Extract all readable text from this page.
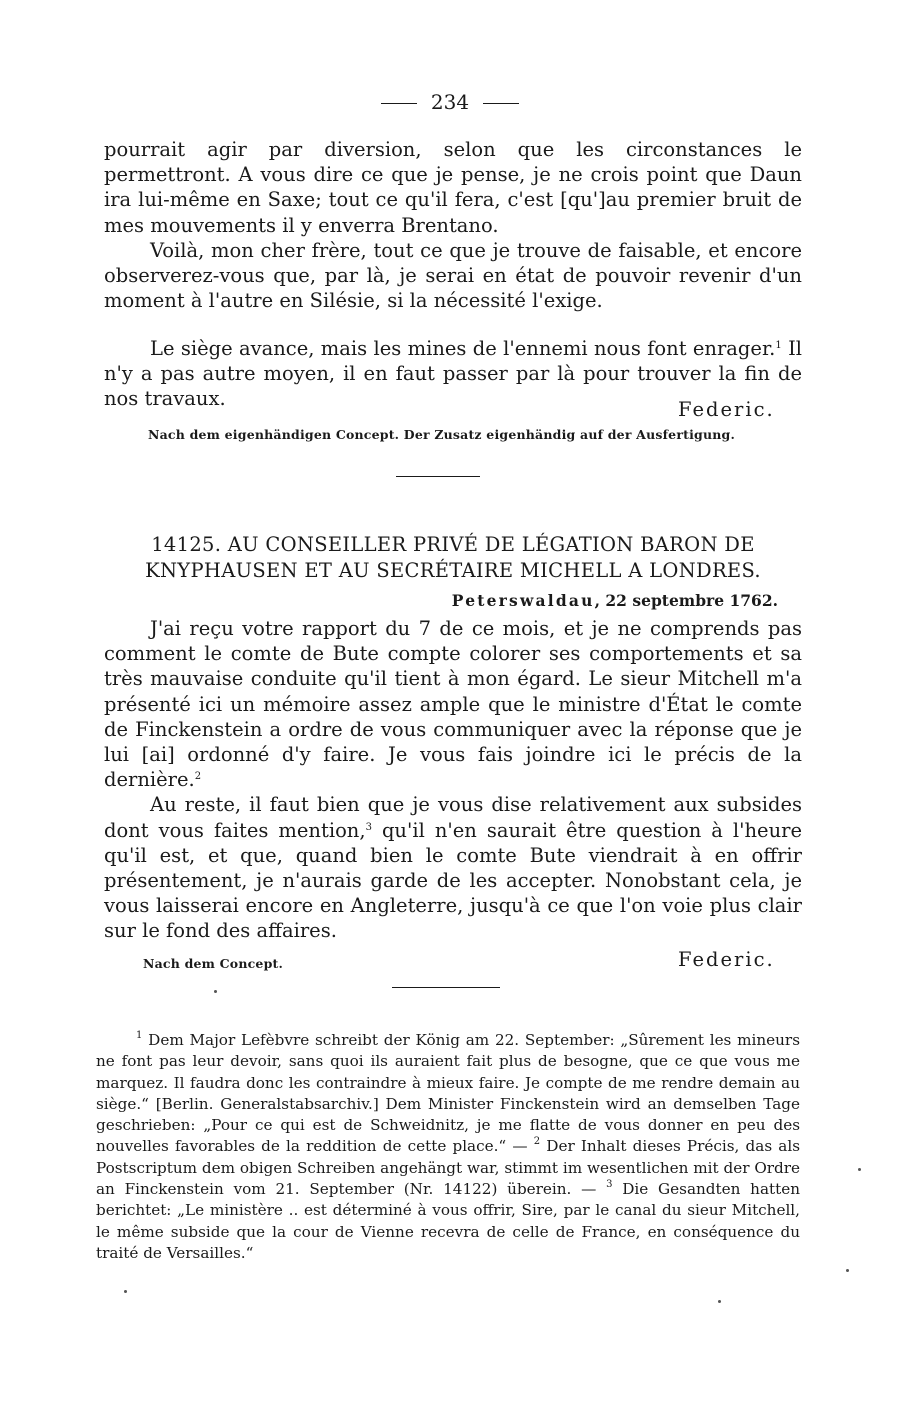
234

pourrait agir par diversion, selon que les circonstances le permettront. A vous dire ce que je pense, je ne crois point que Daun ira lui-même en Saxe; tout ce qu'il fera, c'est [qu']au premier bruit de mes mouvements il y enverra Brentano.

Voilà, mon cher frère, tout ce que je trouve de faisable, et encore observerez-vous que, par là, je serai en état de pouvoir revenir d'un moment à l'autre en Silésie, si la nécessité l'exige.

Le siège avance, mais les mines de l'ennemi nous font enrager.$^1$ Il n'y a pas autre moyen, il en faut passer par là pour trouver la fin de nos travaux.	Federic.
Nach dem eigenhändigen Concept. Der Zusatz eigenhändig auf der Ausfertigung.
14125. AU CONSEILLER PRIVÉ DE LÉGATION BARON DE KNYPHAUSEN ET AU SECRÉTAIRE MICHELL A LONDRES.
Peterswaldau, 22 septembre 1762.

J'ai reçu votre rapport du 7 de ce mois, et je ne comprends pas comment le comte de Bute compte colorer ses comportements et sa très mauvaise conduite qu'il tient à mon égard. Le sieur Mitchell m'a présenté ici un mémoire assez ample que le ministre d'État le comte de Finckenstein a ordre de vous communiquer avec la réponse que je lui [ai] ordonné d'y faire. Je vous fais joindre ici le précis de la dernière.$^2$

Au reste, il faut bien que je vous dise relativement aux subsides dont vous faites mention,$^3$ qu'il n'en saurait être question à l'heure qu'il est, et que, quand bien le comte Bute viendrait à en offrir présentement, je n'aurais garde de les accepter. Nonobstant cela, je vous laisserai encore en Angleterre, jusqu'à ce que l'on voie plus clair sur le fond des affaires.

Nach dem Concept.	Federic.

$^1$ Dem Major Lefèbvre schreibt der König am 22. September: „Sûrement les mineurs ne font pas leur devoir, sans quoi ils auraient fait plus de besogne, que ce que vous me marquez. Il faudra donc les contraindre à mieux faire. Je compte de me rendre demain au siège.“ [Berlin. Generalstabsarchiv.] Dem Minister Finckenstein wird an demselben Tage geschrieben: „Pour ce qui est de Schweidnitz, je me flatte de vous donner en peu des nouvelles favorables de la reddition de cette place.“ — $^2$ Der Inhalt dieses Précis, das als Postscriptum dem obigen Schreiben angehängt war, stimmt im wesentlichen mit der Ordre an Finckenstein vom 21. September (Nr. 14122) überein. — $^3$ Die Gesandten hatten berichtet: „Le ministère .. est déterminé à vous offrir, Sire, par le canal du sieur Mitchell, le même subside que la cour de Vienne recevra de celle de France, en conséquence du traité de Versailles.“
